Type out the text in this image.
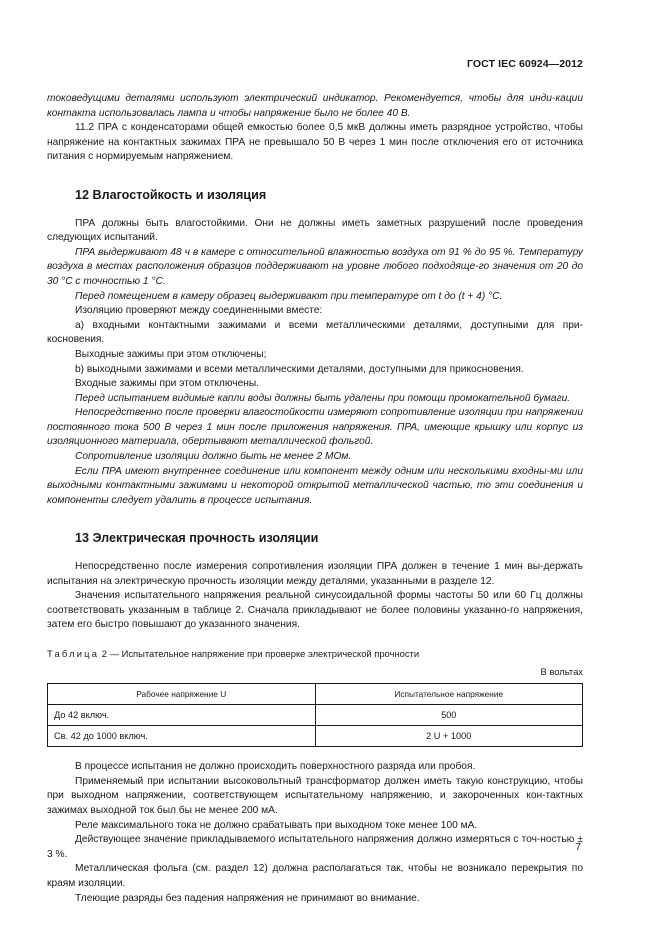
ГОСТ IEC 60924—2012

токоведущими деталями используют электрический индикатор. Рекомендуется, чтобы для инди-кации контакта использовалась лампа и чтобы напряжение было не более 40 В.

11.2 ПРА с конденсаторами общей емкостью более 0,5 мкВ должны иметь разрядное устройство, чтобы напряжение на контактных зажимах ПРА не превышало 50 В через 1 мин после отключения его от источника питания с нормируемым напряжением.

12 Влагостойкость и изоляция

ПРА должны быть влагостойкими. Они не должны иметь заметных разрушений после проведения следующих испытаний.

ПРА выдерживают 48 ч в камере с относительной влажностью воздуха от 91 % до 95 %. Температуру воздуха в местах расположения образцов поддерживают на уровне любого подходяще-го значения от 20 до 30 °С с точностью 1 °С.

Перед помещением в камеру образец выдерживают при температуре от t до (t + 4) °С.

Изоляцию проверяют между соединенными вместе:

а) входными контактными зажимами и всеми металлическими деталями, доступными для при-косновения.

Выходные зажимы при этом отключены;

b) выходными зажимами и всеми металлическими деталями, доступными для прикосновения.

Входные зажимы при этом отключены.

Перед испытанием видимые капли воды должны быть удалены при помощи промокательной бумаги.

Непосредственно после проверки влагостойкости измеряют сопротивление изоляции при напряжении постоянного тока 500 В через 1 мин после приложения напряжения. ПРА, имеющие крышку или корпус из изоляционного материала, обертывают металлической фольгой.

Сопротивление изоляции должно быть не менее 2 МОм.

Если ПРА имеют внутреннее соединение или компонент между одним или несколькими входны-ми или выходными контактными зажимами и некоторой открытой металлической частью, то эти соединения и компоненты следует удалить в процессе испытания.

13 Электрическая прочность изоляции

Непосредственно после измерения сопротивления изоляции ПРА должен в течение 1 мин вы-держать испытания на электрическую прочность изоляции между деталями, указанными в разделе 12.

Значения испытательного напряжения реальной синусоидальной формы частоты 50 или 60 Гц должны соответствовать указанным в таблице 2. Сначала прикладывают не более половины указанно-го напряжения, затем его быстро повышают до указанного значения.

Таблица 2 — Испытательное напряжение при проверке электрической прочности
В вольтах
Рабочее напряжение U	Испытательное напряжение
До 42 включ.	500
Св. 42 до 1000 включ.	2 U + 1000

В процессе испытания не должно происходить поверхностного разряда или пробоя.

Применяемый при испытании высоковольтный трансформатор должен иметь такую конструкцию, чтобы при выходном напряжении, соответствующем испытательному напряжению, и закороченных кон-тактных зажимах выходной ток был бы не менее 200 мА.

Реле максимального тока не должно срабатывать при выходном токе менее 100 мА.

Действующее значение прикладываемого испытательного напряжения должно измеряться с точ-ностью ± 3 %.

Металлическая фольга (см. раздел 12) должна располагаться так, чтобы не возникало перекрытия по краям изоляции.

Тлеющие разряды без падения напряжения не принимают во внимание.

7
